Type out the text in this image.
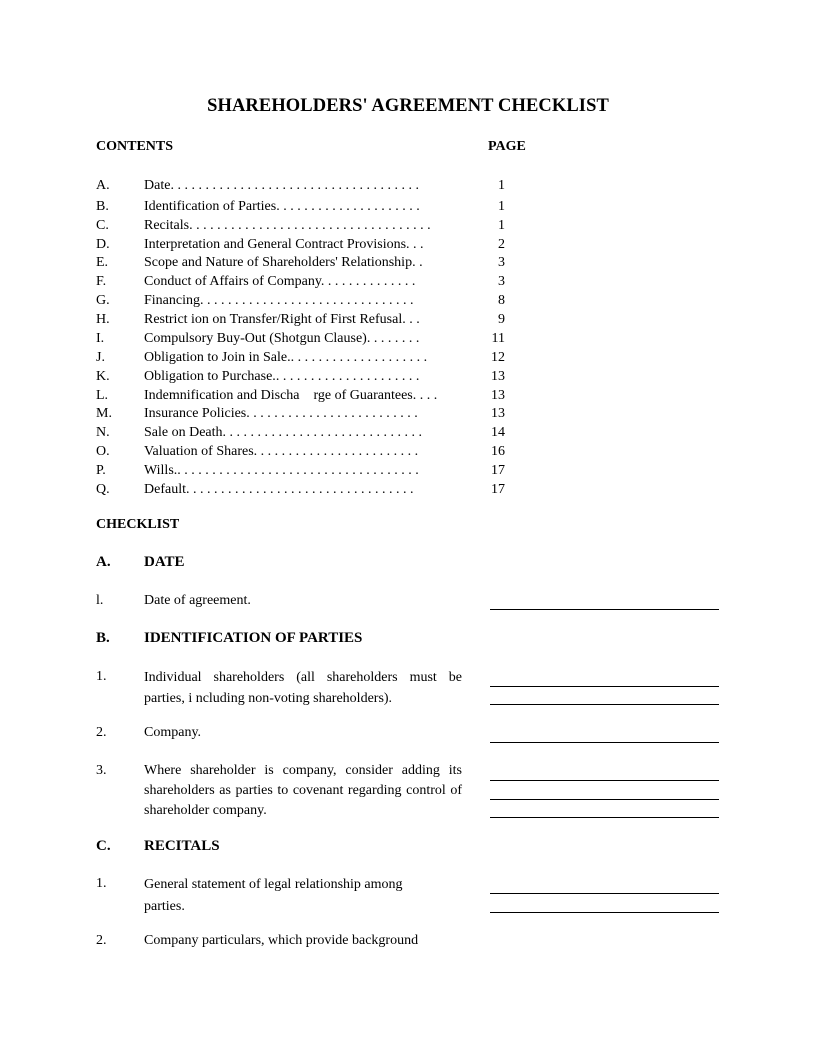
SHAREHOLDERS' AGREEMENT CHECKLIST
CONTENTS	PAGE
A. Date. . . . . . . . . . . . . . . . . . . . . . . . . . . . . . . . . . . .	1
B.	Identification of Parties. . . . . . . . . . . . . . . . . . . . .	1
C.	Recitals. . . . . . . . . . . . . . . . . . . . . . . . . . . . . . . . . . .	1
D. Interpretation and General Contract Provisions. . .	2
E.	Scope and Nature of Shareholders' Relationship. .	3
F.	Conduct of Affairs of Company. . . . . . . . . . . . . .	3
G. Financing. . . . . . . . . . . . . . . . . . . . . . . . . . . . . . .	8
H. Restrict ion on Transfer/Right of First Refusal. . .	9
I.	Compulsory Buy-Out (Shotgun Clause). . . . . . . .	11
J.	Obligation to Join in Sale.. . . . . . . . . . . . . . . . . . . .	12
K. Obligation to Purchase.. . . . . . . . . . . . . . . . . . . . .	13
L.	Indemnification and Discha    rge of Guarantees. . . .	13
M. Insurance Policies. . . . . . . . . . . . . . . . . . . . . . . . .	13
N. Sale on Death. . . . . . . . . . . . . . . . . . . . . . . . . . . . .	14
O. Valuation of Shares. . . . . . . . . . . . . . . . . . . . . . . .	16
P.	Wills.. . . . . . . . . . . . . . . . . . . . . . . . . . . . . . . . . . .	17
Q. Default. . . . . . . . . . . . . . . . . . . . . . . . . . . . . . . . .	17
CHECKLIST
A. DATE
l.	Date of agreement.
B. IDENTIFICATION OF PARTIES
1.	Individual shareholders (all shareholders must be parties, i ncluding non-voting shareholders).
2.	Company.
3.	Where shareholder is company, consider adding its shareholders as parties to covenant regarding control of shareholder company.
C. RECITALS
1.	General statement of legal relationship among parties.
2.	Company particulars, which provide background
